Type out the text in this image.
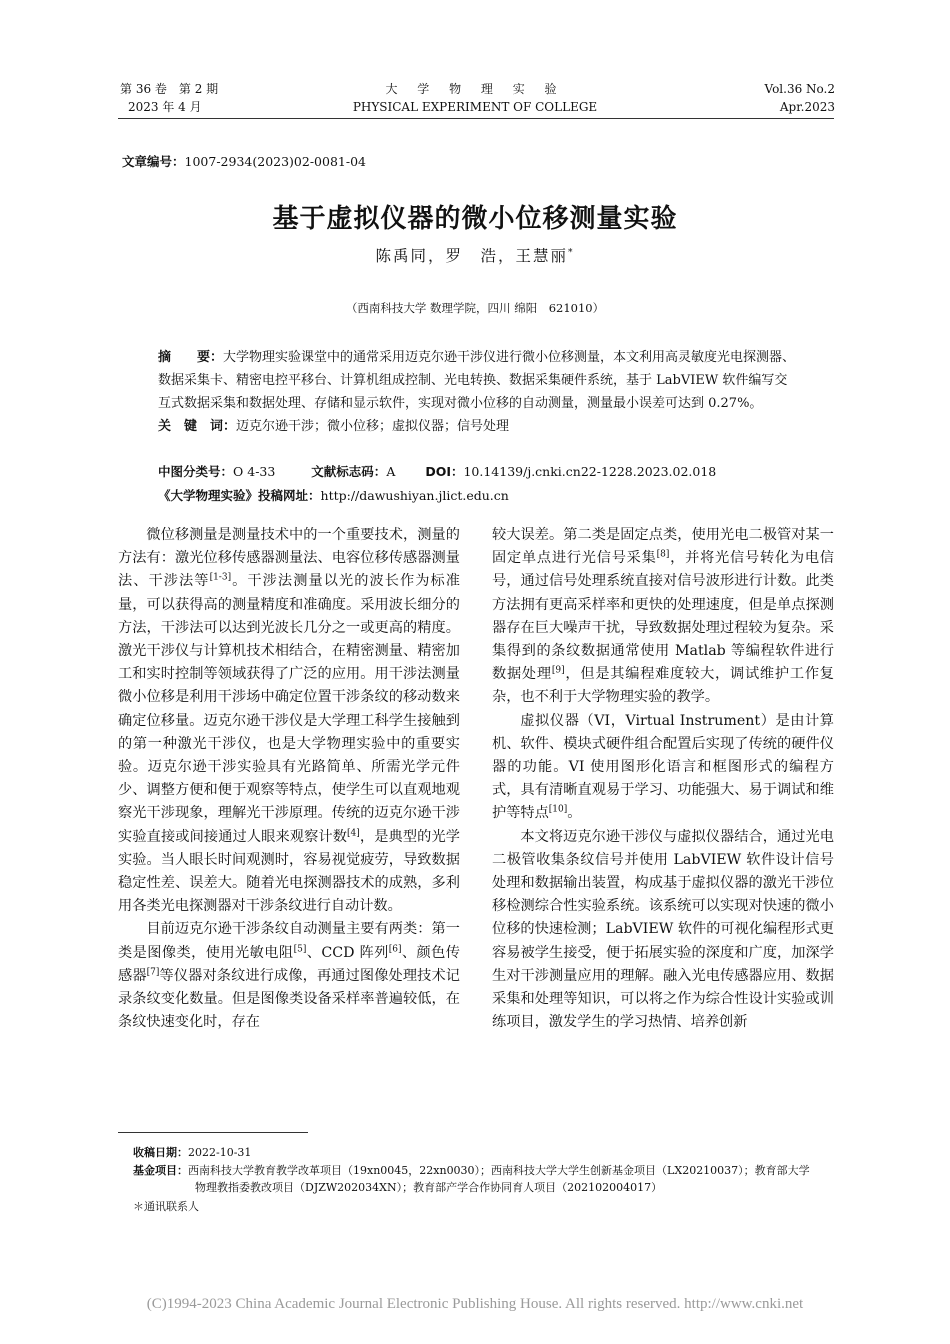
第 36 卷　第 2 期
2023 年 4 月
大 学 物 理 实 验
PHYSICAL EXPERIMENT OF COLLEGE
Vol.36 No.2
Apr.2023
文章编号：1007-2934(2023)02-0081-04
基于虚拟仪器的微小位移测量实验
陈禹同，罗　浩，王慧丽*
（西南科技大学 数理学院，四川 绵阳　621010）

摘　　要：大学物理实验课堂中的通常采用迈克尔逊干涉仪进行微小位移测量，本文利用高灵敏度光电探测器、数据采集卡、精密电控平移台、计算机组成控制、光电转换、数据采集硬件系统，基于 LabVIEW 软件编写交互式数据采集和数据处理、存储和显示软件，实现对微小位移的自动测量，测量最小误差可达到 0.27%。

关　键　词：迈克尔逊干涉；微小位移；虚拟仪器；信号处理

中图分类号：O 4-33	文献标志码：A DOI：10.14139/j.cnki.cn22-1228.2023.02.018
《大学物理实验》投稿网址：http://dawushiyan.jlict.edu.cn

微位移测量是测量技术中的一个重要技术，测量的方法有：激光位移传感器测量法、电容位移传感器测量法、干涉法等[1-3]。干涉法测量以光的波长作为标准量，可以获得高的测量精度和准确度。采用波长细分的方法，干涉法可以达到光波长几分之一或更高的精度。激光干涉仪与计算机技术相结合，在精密测量、精密加工和实时控制等领域获得了广泛的应用。用干涉法测量微小位移是利用干涉场中确定位置干涉条纹的移动数来确定位移量。迈克尔逊干涉仪是大学理工科学生接触到的第一种激光干涉仪，也是大学物理实验中的重要实验。迈克尔逊干涉实验具有光路简单、所需光学元件少、调整方便和便于观察等特点，使学生可以直观地观察光干涉现象，理解光干涉原理。传统的迈克尔逊干涉实验直接或间接通过人眼来观察计数[4]，是典型的光学实验。当人眼长时间观测时，容易视觉疲劳，导致数据稳定性差、误差大。随着光电探测器技术的成熟，多利用各类光电探测器对干涉条纹进行自动计数。

目前迈克尔逊干涉条纹自动测量主要有两类：第一类是图像类，使用光敏电阻[5]、CCD 阵列[6]、颜色传感器[7]等仪器对条纹进行成像，再通过图像处理技术记录条纹变化数量。但是图像类设备采样率普遍较低，在条纹快速变化时，存在

较大误差。第二类是固定点类，使用光电二极管对某一固定单点进行光信号采集[8]，并将光信号转化为电信号，通过信号处理系统直接对信号波形进行计数。此类方法拥有更高采样率和更快的处理速度，但是单点探测器存在巨大噪声干扰，导致数据处理过程较为复杂。采集得到的条纹数据通常使用 Matlab 等编程软件进行数据处理[9]，但是其编程难度较大，调试维护工作复杂，也不利于大学物理实验的教学。

虚拟仪器（VI，Virtual Instrument）是由计算机、软件、模块式硬件组合配置后实现了传统的硬件仪器的功能。VI 使用图形化语言和框图形式的编程方式，具有清晰直观易于学习、功能强大、易于调试和维护等特点[10]。

本文将迈克尔逊干涉仪与虚拟仪器结合，通过光电二极管收集条纹信号并使用 LabVIEW 软件设计信号处理和数据输出装置，构成基于虚拟仪器的激光干涉位移检测综合性实验系统。该系统可以实现对快速的微小位移的快速检测；LabVIEW 软件的可视化编程形式更容易被学生接受，便于拓展实验的深度和广度，加深学生对干涉测量应用的理解。融入光电传感器应用、数据采集和处理等知识，可以将之作为综合性设计实验或训练项目，激发学生的学习热情、培养创新

收稿日期：2022-10-31
基金项目：西南科技大学教育教学改革项目（19xn0045，22xn0030）；西南科技大学大学生创新基金项目（LX20210037）；教育部大学
物理教指委教改项目（DJZW202034XN）；教育部产学合作协同育人项目（202102004017）
＊通讯联系人
(C)1994-2023 China Academic Journal Electronic Publishing House. All rights reserved. http://www.cnki.net
